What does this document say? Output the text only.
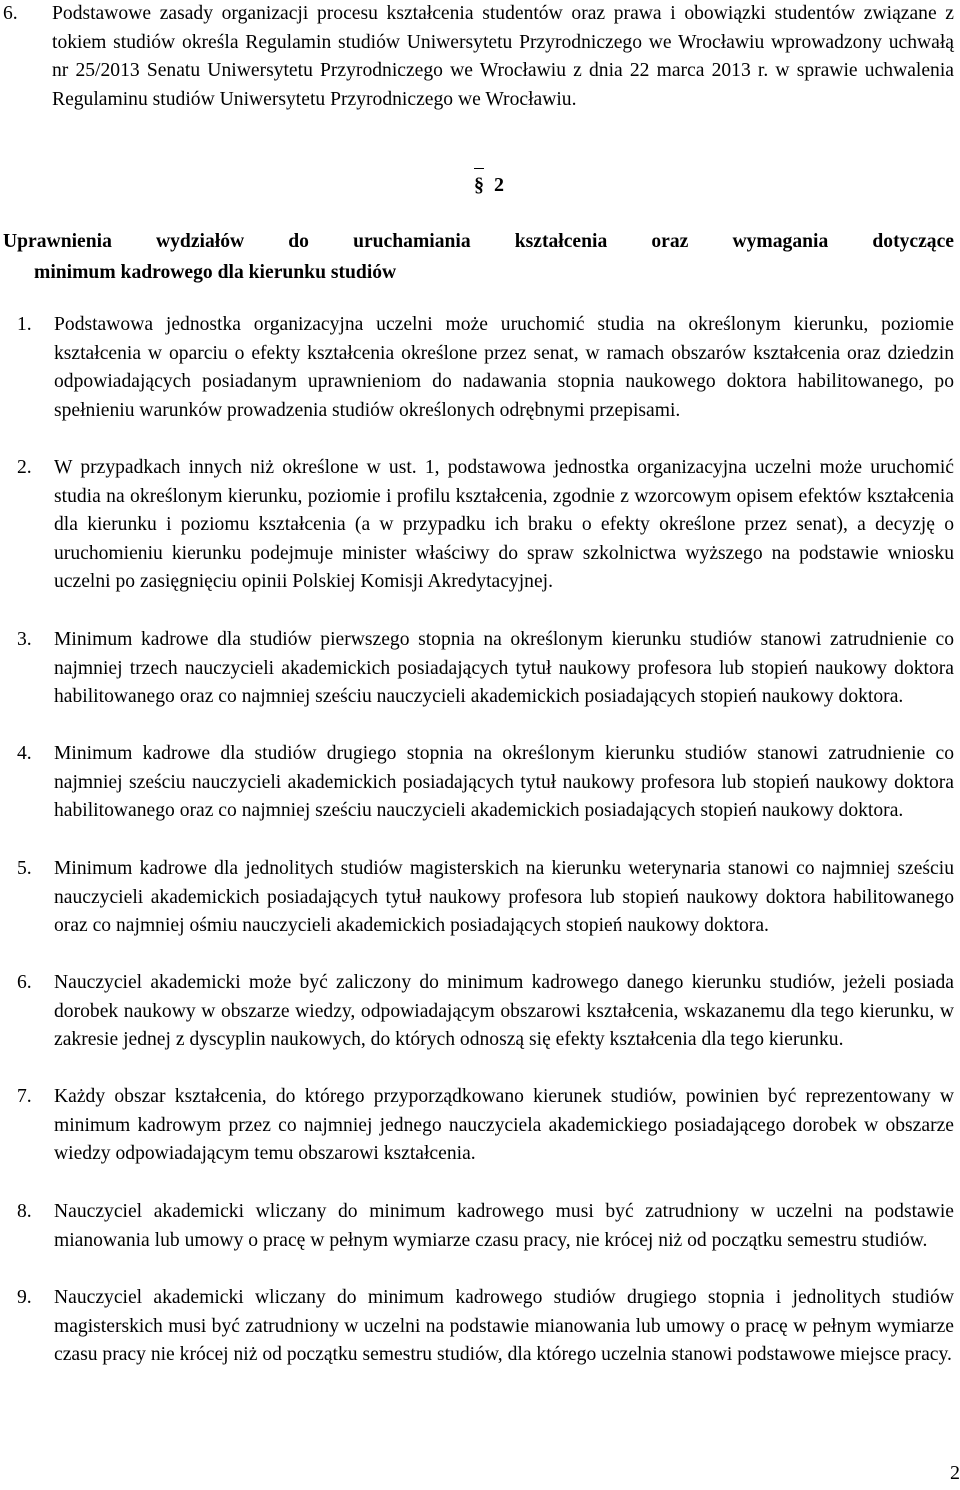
6.	Podstawowe zasady organizacji procesu kształcenia studentów oraz prawa i obowiązki studentów związane z tokiem studiów określa Regulamin studiów Uniwersytetu Przyrodniczego we Wrocławiu wprowadzony uchwałą nr 25/2013 Senatu Uniwersytetu Przyrodniczego we Wrocławiu z dnia 22 marca 2013 r. w sprawie uchwalenia Regulaminu studiów Uniwersytetu Przyrodniczego we Wrocławiu.
§ 2
Uprawnienia wydziałów do uruchamiania kształcenia oraz wymagania dotyczące
minimum kadrowego dla kierunku studiów
1.	Podstawowa jednostka organizacyjna uczelni może uruchomić studia na określonym kierunku, poziomie kształcenia w oparciu o efekty kształcenia określone przez senat, w ramach obszarów kształcenia oraz dziedzin odpowiadających posiadanym uprawnieniom do nadawania stopnia naukowego doktora habilitowanego, po spełnieniu warunków prowadzenia studiów określonych odrębnymi przepisami.
2.	W przypadkach innych niż określone w ust. 1, podstawowa jednostka organizacyjna uczelni może uruchomić studia na określonym kierunku, poziomie i profilu kształcenia, zgodnie z wzorcowym opisem efektów kształcenia dla kierunku i poziomu kształcenia (a w przypadku ich braku o efekty określone przez senat), a decyzję o uruchomieniu kierunku podejmuje minister właściwy do spraw szkolnictwa wyższego na podstawie wniosku uczelni po zasięgnięciu opinii Polskiej Komisji Akredytacyjnej.
3.	Minimum kadrowe dla studiów pierwszego stopnia na określonym kierunku studiów stanowi zatrudnienie co najmniej trzech nauczycieli akademickich posiadających tytuł naukowy profesora lub stopień naukowy doktora habilitowanego oraz co najmniej sześciu nauczycieli akademickich posiadających stopień naukowy doktora.
4.	Minimum kadrowe dla studiów drugiego stopnia na określonym kierunku studiów stanowi zatrudnienie co najmniej sześciu nauczycieli akademickich posiadających tytuł naukowy profesora lub stopień naukowy doktora habilitowanego oraz co najmniej sześciu nauczycieli akademickich posiadających stopień naukowy doktora.
5.	Minimum kadrowe dla jednolitych studiów magisterskich na kierunku weterynaria stanowi co najmniej sześciu nauczycieli akademickich posiadających tytuł naukowy profesora lub stopień naukowy doktora habilitowanego oraz co najmniej ośmiu nauczycieli akademickich posiadających stopień naukowy doktora.
6.	Nauczyciel akademicki może być zaliczony do minimum kadrowego danego kierunku studiów, jeżeli posiada dorobek naukowy w obszarze wiedzy, odpowiadającym obszarowi kształcenia, wskazanemu dla tego kierunku, w zakresie jednej z dyscyplin naukowych, do których odnoszą się efekty kształcenia dla tego kierunku.
7.	Każdy obszar kształcenia, do którego przyporządkowano kierunek studiów, powinien być reprezentowany w minimum kadrowym przez co najmniej jednego nauczyciela akademickiego posiadającego dorobek w obszarze wiedzy odpowiadającym temu obszarowi kształcenia.
8.	Nauczyciel akademicki wliczany do minimum kadrowego musi być zatrudniony w uczelni na podstawie mianowania lub umowy o pracę w pełnym wymiarze czasu pracy, nie krócej niż od początku semestru studiów.
9.	Nauczyciel akademicki wliczany do minimum kadrowego studiów drugiego stopnia i jednolitych studiów magisterskich musi być zatrudniony w uczelni na podstawie mianowania lub umowy o pracę w pełnym wymiarze czasu pracy nie krócej niż od początku semestru studiów, dla którego uczelnia stanowi podstawowe miejsce pracy.
2
